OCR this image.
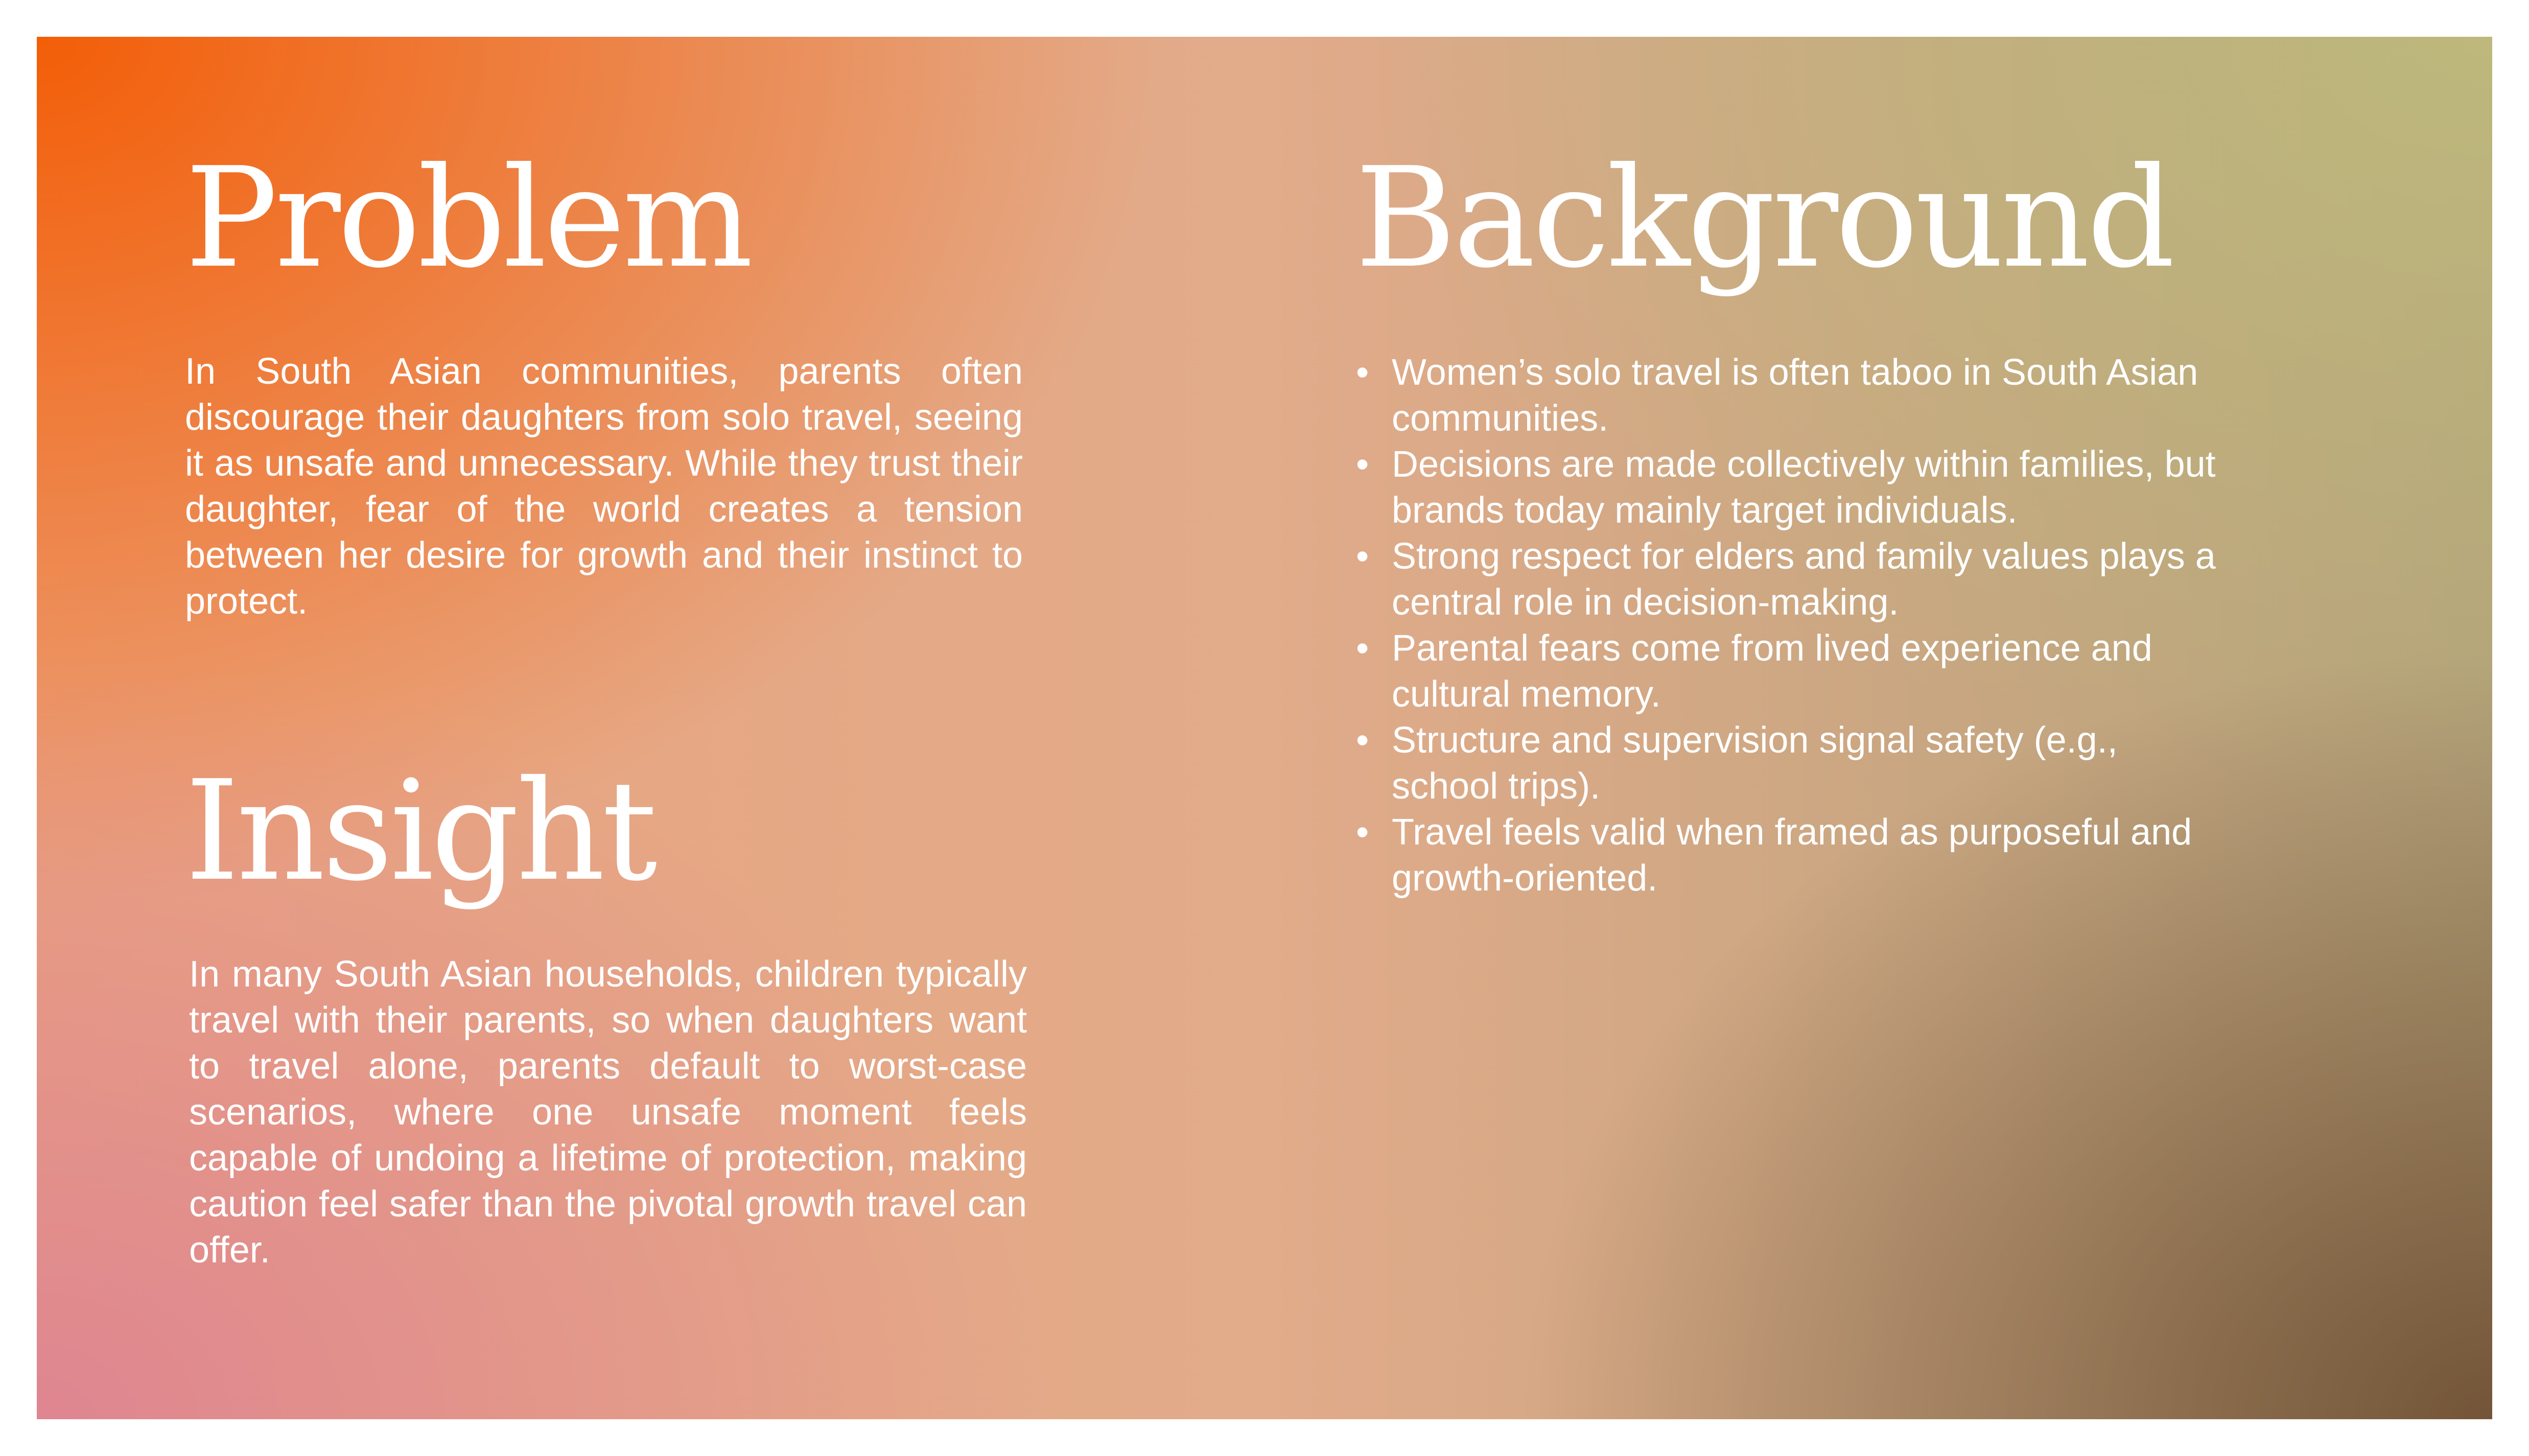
Problem

In South Asian communities, parents often discourage their daughters from solo travel, seeing it as unsafe and unnecessary. While they trust their daughter, fear of the world creates a tension between her desire for growth and their instinct to protect.

Insight

In many South Asian households, children typically travel with their parents, so when daughters want to travel alone, parents default to worst-case scenarios, where one unsafe moment feels capable of undoing a lifetime of protection, making caution feel safer than the pivotal growth travel can offer.

Background
• Women’s solo travel is often taboo in South Asian communities.
• Decisions are made collectively within families, but brands today mainly target individuals.
• Strong respect for elders and family values plays a central role in decision-making.
• Parental fears come from lived experience and cultural memory.
• Structure and supervision signal safety (e.g., school trips).
• Travel feels valid when framed as purposeful and growth-oriented.
